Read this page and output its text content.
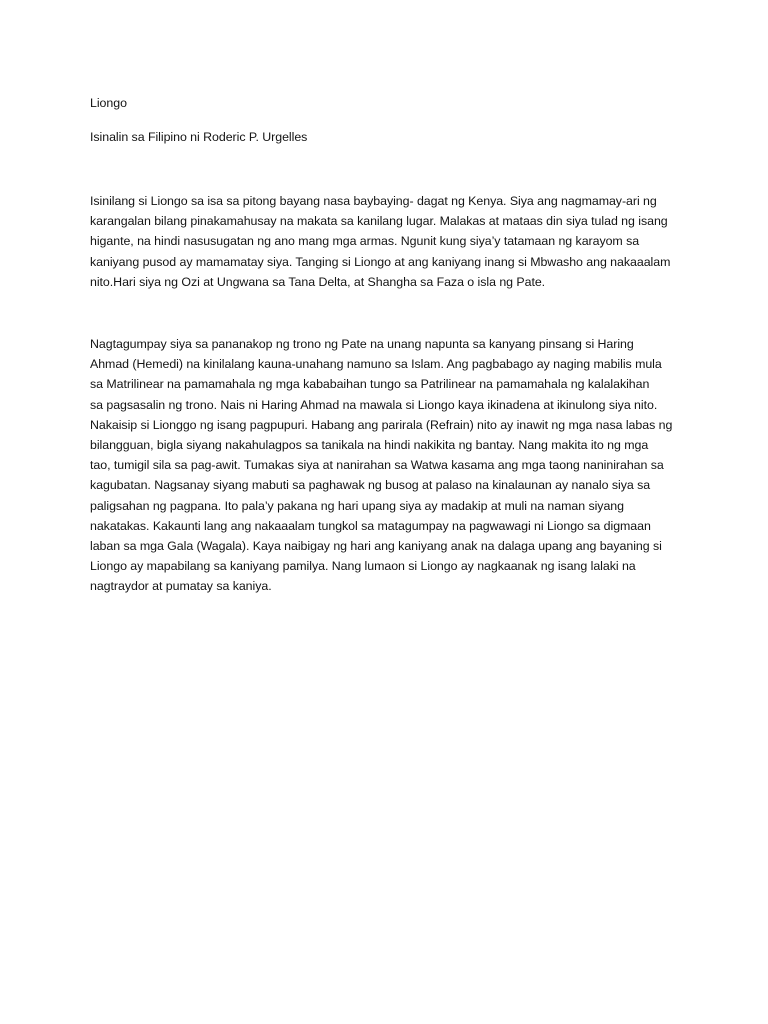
Liongo

Isinalin sa Filipino ni Roderic P. Urgelles

Isinilang si Liongo sa isa sa pitong bayang nasa baybaying- dagat ng Kenya. Siya ang nagmamay-ari ng
karangalan bilang pinakamahusay na makata sa kanilang lugar. Malakas at mataas din siya tulad ng isang
higante, na hindi nasusugatan ng ano mang mga armas. Ngunit kung siya’y tatamaan ng karayom sa
kaniyang pusod ay mamamatay siya. Tanging si Liongo at ang kaniyang inang si Mbwasho ang nakaaalam
nito.Hari siya ng Ozi at Ungwana sa Tana Delta, at Shangha sa Faza o isla ng Pate.
Nagtagumpay siya sa pananakop ng trono ng Pate na unang napunta sa kanyang pinsang si Haring
Ahmad (Hemedi) na kinilalang kauna-unahang namuno sa Islam. Ang pagbabago ay naging mabilis mula
sa Matrilinear na pamamahala ng mga kababaihan tungo sa Patrilinear na pamamahala ng kalalakihan
sa pagsasalin ng trono. Nais ni Haring Ahmad na mawala si Liongo kaya ikinadena at ikinulong siya nito.
Nakaisip si Lionggo ng isang pagpupuri. Habang ang parirala (Refrain) nito ay inawit ng mga nasa labas ng
bilangguan, bigla siyang nakahulagpos sa tanikala na hindi nakikita ng bantay. Nang makita ito ng mga
tao, tumigil sila sa pag-awit. Tumakas siya at nanirahan sa Watwa kasama ang mga taong naninirahan sa
kagubatan. Nagsanay siyang mabuti sa paghawak ng busog at palaso na kinalaunan ay nanalo siya sa
paligsahan ng pagpana. Ito pala’y pakana ng hari upang siya ay madakip at muli na naman siyang
nakatakas. Kakaunti lang ang nakaaalam tungkol sa matagumpay na pagwawagi ni Liongo sa digmaan
laban sa mga Gala (Wagala). Kaya naibigay ng hari ang kaniyang anak na dalaga upang ang bayaning si
Liongo ay mapabilang sa kaniyang pamilya. Nang lumaon si Liongo ay nagkaanak ng isang lalaki na
nagtraydor at pumatay sa kaniya.
